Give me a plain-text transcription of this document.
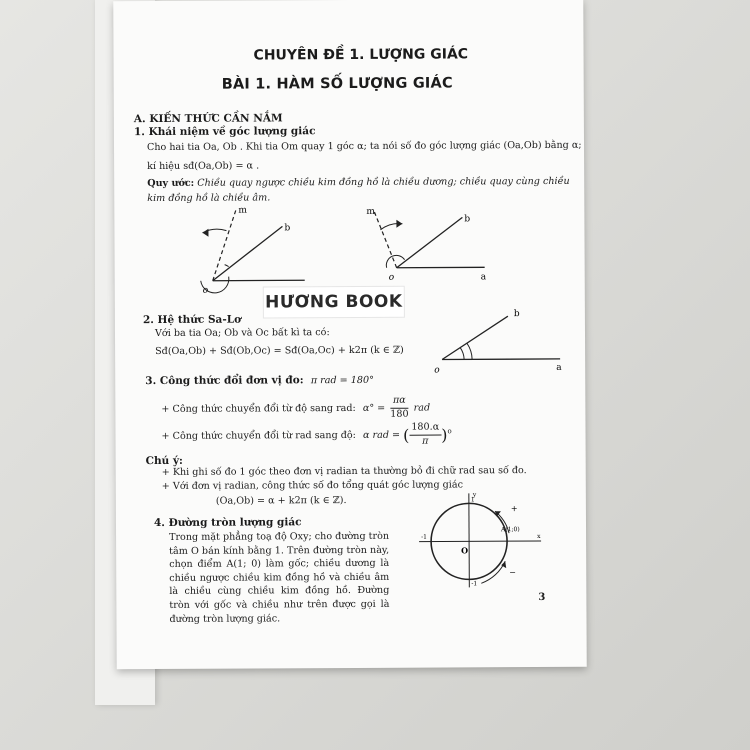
CHUYÊN ĐỀ 1. LƯỢNG GIÁC
BÀI 1. HÀM SỐ LƯỢNG GIÁC
A. KIẾN THỨC CẦN NẮM
1. Khái niệm về góc lượng giác
Cho hai tia Oa, Ob . Khi tia Om quay 1 góc α; ta nói số đo góc lượng giác (Oa,Ob) bằng α;
kí hiệu sđ(Oa,Ob) = α .
Quy ước: Chiều quay ngược chiều kim đồng hồ là chiều dương; chiều quay cùng chiều
kim đồng hồ là chiều âm.
m
b
o
m
b
a
o
HƯƠNG BOOK
2. Hệ thức Sa-Lơ
Với ba tia Oa; Ob và Oc bất kì ta có:
Sđ(Oa,Ob) + Sđ(Ob,Oc) = Sđ(Oa,Oc) + k2π (k ∈ ℤ)
b
a
o
3. Công thức đổi đơn vị đo: π rad = 180°
+ Công thức chuyển đổi từ độ sang rad: $\alpha^\circ = \frac{\pi\alpha}{180}$ rad
+ Công thức chuyển đổi từ rad sang độ: α rad = ( $\frac{180.\alpha}{\pi} )^o$
Chú ý:
+ Khi ghi số đo 1 góc theo đơn vị radian ta thường bỏ đi chữ rad sau số đo.
+ Với đơn vị radian, công thức số đo tổng quát góc lượng giác
(Oa,Ob) = α + k2π (k ∈ ℤ).
4. Đường tròn lượng giác
Trong mặt phẳng toạ độ Oxy; cho đường tròn tâm O bán kính bằng 1. Trên đường tròn này, chọn điểm A(1; 0) làm gốc; chiều dương là chiều ngược chiều kim đồng hồ và chiều âm là chiều cùng chiều kim đồng hồ. Đường tròn với gốc và chiều như trên được gọi là đường tròn lượng giác.
O
1
-1
-1
A(1;0)
x
y
+
−
3
